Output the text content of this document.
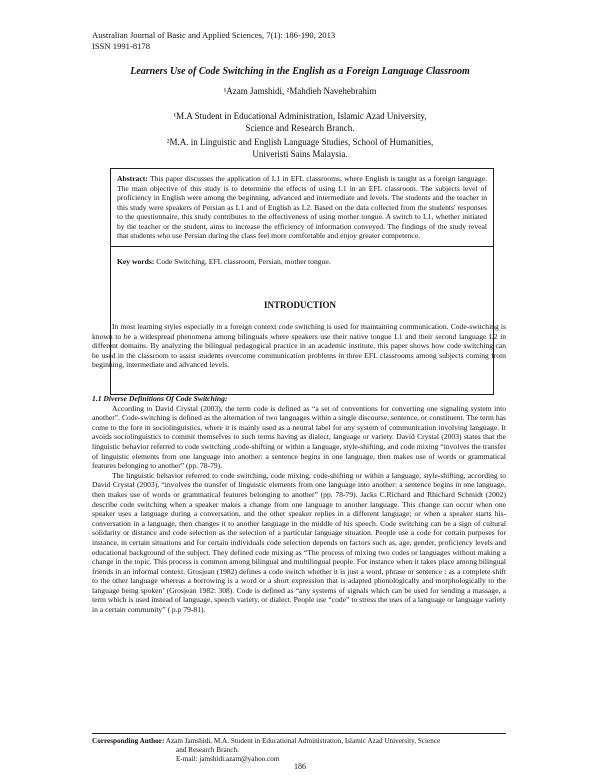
Australian Journal of Basic and Applied Sciences, 7(1): 186-190, 2013
ISSN 1991-8178
Learners Use of Code Switching in the English as a Foreign Language Classroom
¹Azam Jamshidi, ²Mahdieh Navehebrahim
¹M.A Student in Educational Administration, Islamic Azad University,
Science and Research Branch.
²M.A. in Linguistic and English Language Studies, School of Humanities,
Univeristi Sains Malaysia.

Abstract: This paper discusses the application of L1 in EFL classrooms, where English is taught as a foreign language. The main objective of this study is to determine the effects of using L1 in an EFL classroom. The subjects level of proficiency in English were among the beginning, advanced and intermediate and levels. The students and the teacher in this study were speakers of Persian as L1 and of English as L2. Based on the data collected from the students' responses to the questionnaire, this study contributes to the effectiveness of using mother tongue. A switch to L1, whether initiated by the teacher or the student, aims to increase the efficiency of information conveyed. The findings of the study reveal that students who use Persian during the class feel more comfortable and enjoy greater competence.

Key words: Code Switching, EFL classroom, Persian, mother tongue.

INTRODUCTION

In most learning styles especially in a foreign context code switching is used for maintaining communication. Code-switching is known to be a widespread phenomena among bilinguals where speakers use their native tongue L1 and their second language L2 in different domains. By analyzing the bilingual pedagogical practice in an academic institute, this paper shows how code switching can be used in the classroom to assist students overcome communication problems in three EFL classrooms among subjects coming from beginning, intermediate and advanced levels.

1.1 Diverse Definitions Of Code Switching:

According to David Crystal (2003), the term code is defined as “a set of conventions for converting one signaling system into another”. Code-switching is defined as the alternation of two languages within a single discourse, sentence, or constituent. The term has come to the fore in sociolinguistics, where it is mainly used as a neutral label for any system of communication involving language. It avoids sociolinguistics to commit themselves to such terms having as dialect, language or variety. David Crystal (2003) states that the linguistic behavior referred to code switching ,code-shifting or within a language, style-shifting, and code mixing “involves the transfer of linguistic elements from one language into another: a sentence begins in one language, then makes use of words or grammatical features belonging to another” (pp. 78-79).

The linguistic behavior referred to code switching, code mixing, code-shifting or within a language, style-shifting, according to David Crystal (2003), “involves the transfer of linguistic elements from one language into another: a sentence begins in one language, then makes use of words or grammatical features belonging to another” (pp. 78-79). Jacks C.Richard and Rhichard Schmidt (2002) describe code switching when a speaker makes a change from one language to another language. This change can occur when one speaker uses a language during a conversation, and the other speaker replies in a different language; or when a speaker starts his-conversation in a language, then changes it to another language in the middle of his speech. Code switching can be a sign of cultural solidarity or distance and code selection as the selection of a particular language situation. People use a code for certain purposes for instance, in certain situations and for certain individuals code selection depends on factors such as, age, gender, proficiency levels and educational background of the subject. They defined code mixing as “The process of mixing two codes or languages without making a change in the topic. This process is common among bilingual and multilingual people. For instance when it takes place among bilingual friends in an informal context. Grosjean (1982) defines a code switch whether it is just a word, phrase or sentence ; as a complete shift to the other language whereas a borrowing is a word or a short expression that is adapted phonologically and morphologically to the language being spoken’ (Grosjean 1982: 308). Code is defined as “any systems of signals which can be used for sending a massage, a term which is used instead of language, speech variety, or dialect. People use “code” to stress the uses of a language or language variety in a certain community” ( p.p 79-81).

Corresponding Author: Azam Jamshidi, M.A. Student in Educational Administration, Islamic Azad University, Science
and Research Branch.
E-mail: jamshidi.azam@yahoo.com
186
